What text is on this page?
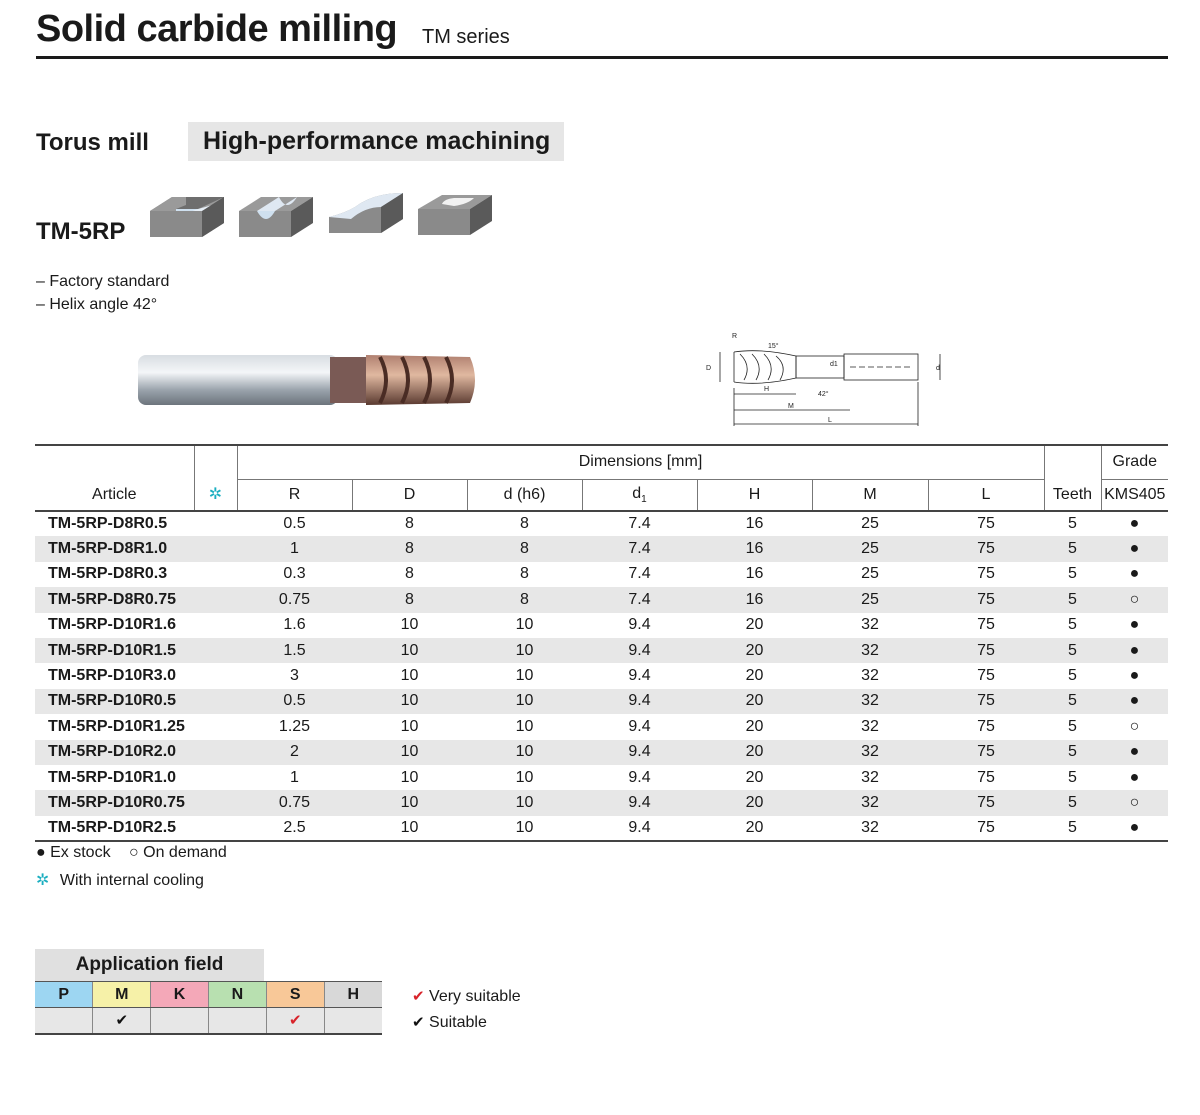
Solid carbide milling TM series
Torus mill	High-performance machining
TM-5RP
– Factory standard
– Helix angle 42°
R
15°
D
d1
d
H
42°
M
L
Article	✲	Dimensions [mm]							Teeth	Grade
		R	D	d (h6)	$d_1$	H	M	L		KMS405
TM-5RP-D8R0.5		0.5	8	8	7.4	16	25	75	5	●
TM-5RP-D8R1.0		1	8	8	7.4	16	25	75	5	●
TM-5RP-D8R0.3		0.3	8	8	7.4	16	25	75	5	●
TM-5RP-D8R0.75		0.75	8	8	7.4	16	25	75	5	○
TM-5RP-D10R1.6		1.6	10	10	9.4	20	32	75	5	●
TM-5RP-D10R1.5		1.5	10	10	9.4	20	32	75	5	●
TM-5RP-D10R3.0		3	10	10	9.4	20	32	75	5	●
TM-5RP-D10R0.5		0.5	10	10	9.4	20	32	75	5	●
TM-5RP-D10R1.25		1.25	10	10	9.4	20	32	75	5	○
TM-5RP-D10R2.0		2	10	10	9.4	20	32	75	5	●
TM-5RP-D10R1.0		1	10	10	9.4	20	32	75	5	●
TM-5RP-D10R0.75		0.75	10	10	9.4	20	32	75	5	○
TM-5RP-D10R2.5		2.5	10	10	9.4	20	32	75	5	●
● Ex stock ○ On demand
✲ With internal cooling
Application field
P	M	K	N	S	H
	✔			✔	
✔ Very suitable
✔ Suitable
